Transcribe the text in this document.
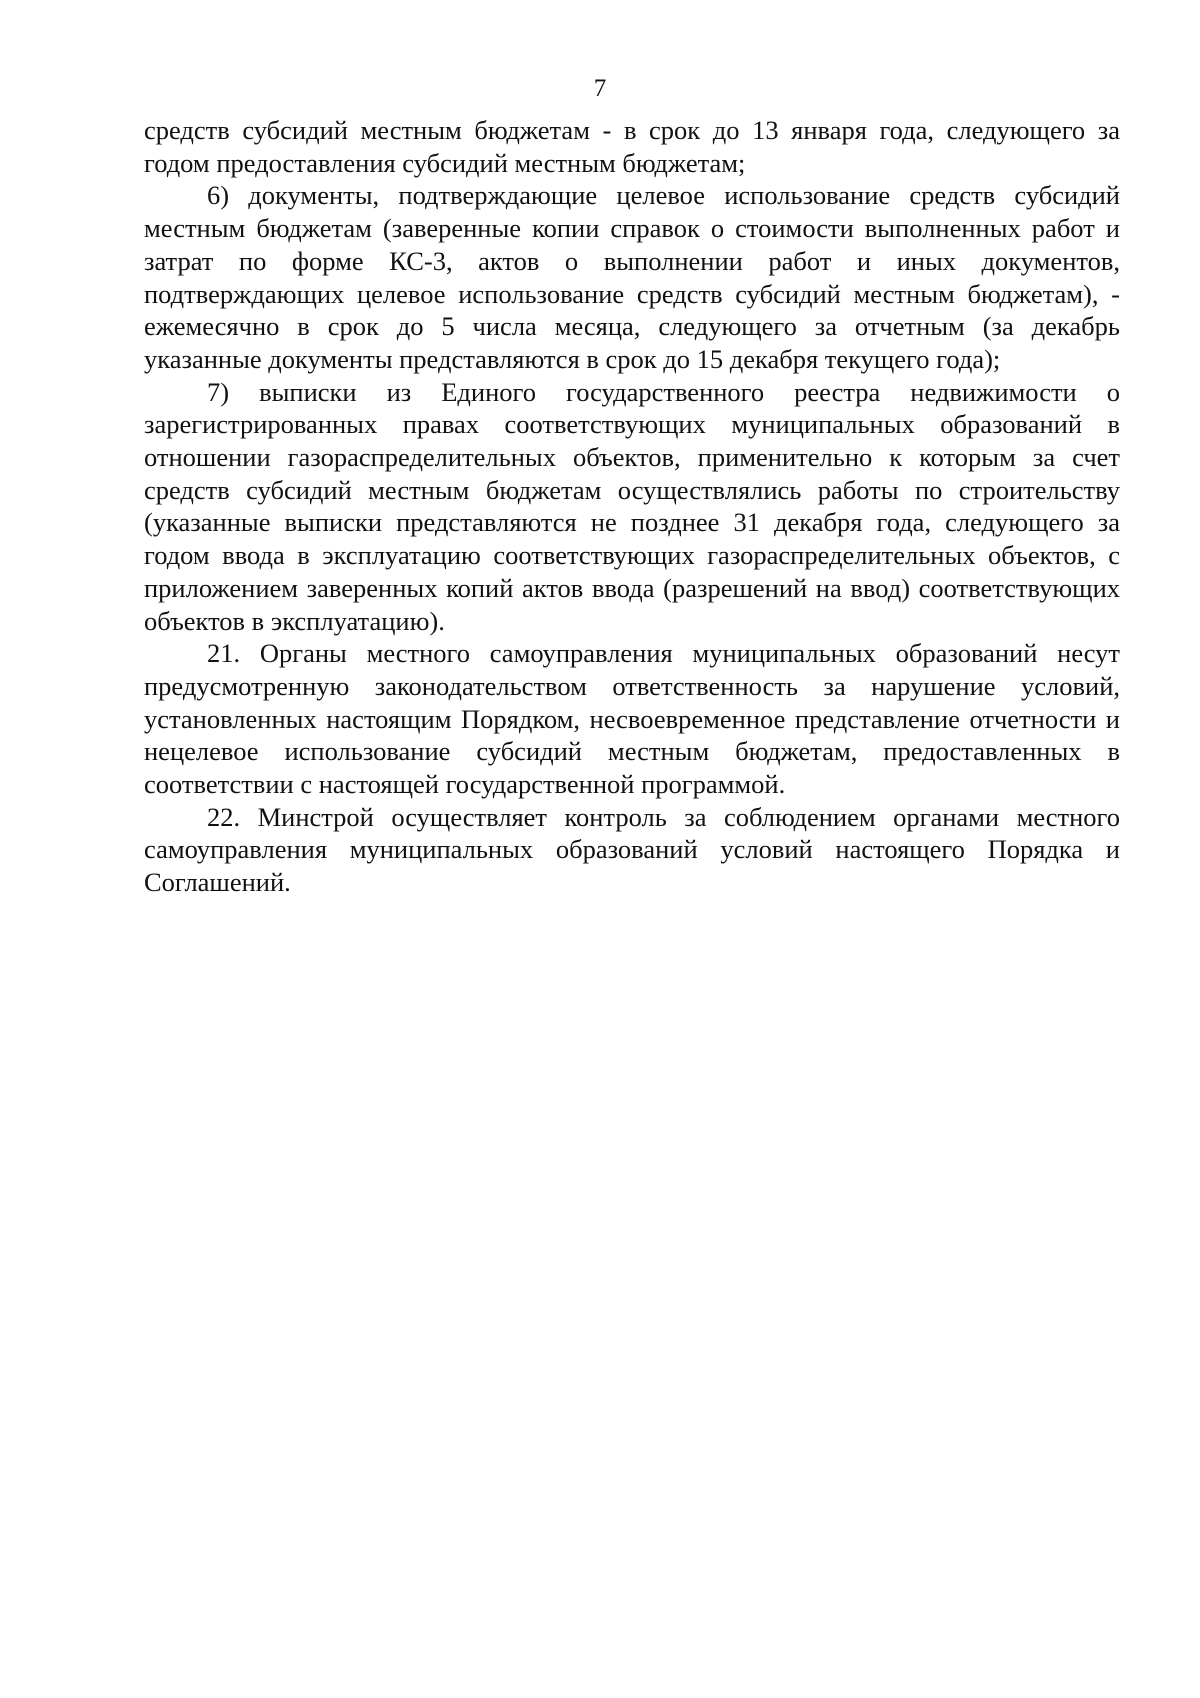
7

средств субсидий местным бюджетам - в срок до 13 января года, следующего за годом предоставления субсидий местным бюджетам;

6) документы, подтверждающие целевое использование средств субсидий местным бюджетам (заверенные копии справок о стоимости выполненных работ и затрат по форме КС-3, актов о выполнении работ и иных документов, подтверждающих целевое использование средств субсидий местным бюджетам), - ежемесячно в срок до 5 числа месяца, следующего за отчетным (за декабрь указанные документы представляются в срок до 15 декабря текущего года);

7) выписки из Единого государственного реестра недвижимости о зарегистрированных правах соответствующих муниципальных образований в отношении газораспределительных объектов, применительно к которым за счет средств субсидий местным бюджетам осуществлялись работы по строительству (указанные выписки представляются не позднее 31 декабря года, следующего за годом ввода в эксплуатацию соответствующих газораспределительных объектов, с приложением заверенных копий актов ввода (разрешений на ввод) соответствующих объектов в эксплуатацию).

21. Органы местного самоуправления муниципальных образований несут предусмотренную законодательством ответственность за нарушение условий, установленных настоящим Порядком, несвоевременное представление отчетности и нецелевое использование субсидий местным бюджетам, предоставленных в соответствии с настоящей государственной программой.

22. Минстрой осуществляет контроль за соблюдением органами местного самоуправления муниципальных образований условий настоящего Порядка и Соглашений.
